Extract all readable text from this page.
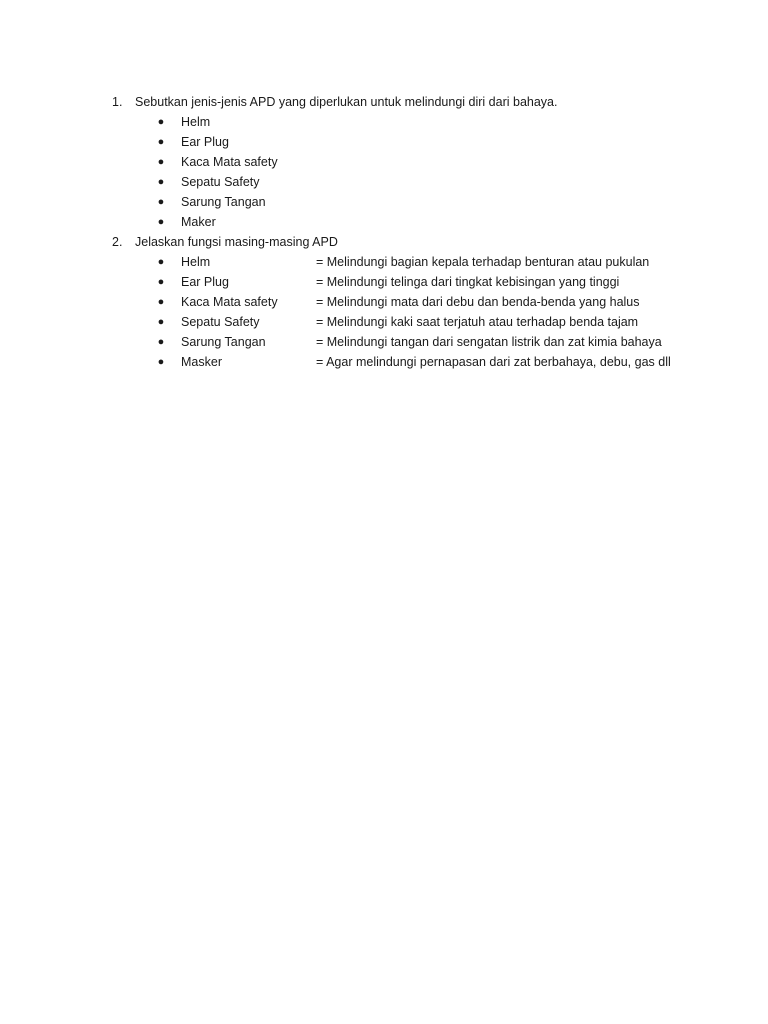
1.	Sebutkan jenis-jenis APD yang diperlukan untuk melindungi diri dari bahaya.
● Helm
● Ear Plug
● Kaca Mata safety
● Sepatu Safety
● Sarung Tangan
● Maker
2.	Jelaskan fungsi masing-masing APD
● Helm	= Melindungi bagian kepala terhadap benturan atau pukulan
● Ear Plug	= Melindungi telinga dari tingkat kebisingan yang tinggi
● Kaca Mata safety	= Melindungi mata dari debu dan benda-benda yang halus
● Sepatu Safety	= Melindungi kaki saat terjatuh atau terhadap benda tajam
● Sarung Tangan	= Melindungi tangan dari sengatan listrik dan zat kimia bahaya
● Masker	= Agar melindungi pernapasan dari zat berbahaya, debu, gas dll
